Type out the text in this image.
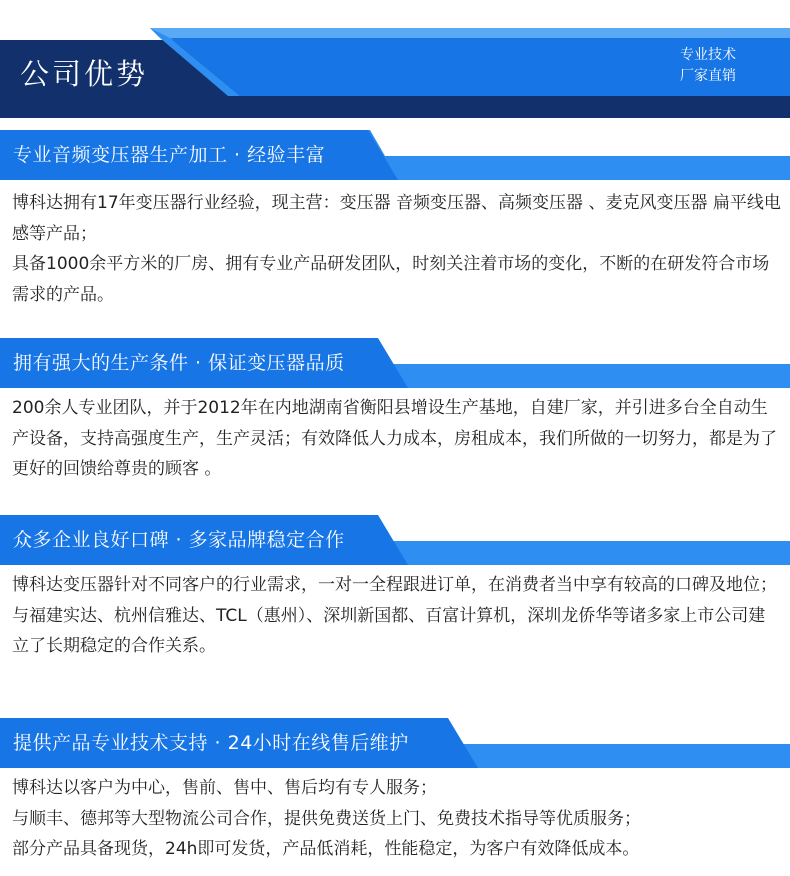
公司优势
专业技术
厂家直销
专业音频变压器生产加工 · 经验丰富

博科达拥有17年变压器行业经验，现主营：变压器 音频变压器、高频变压器 、麦克风变压器 扁平线电感等产品；

具备1000余平方米的厂房、拥有专业产品研发团队，时刻关注着市场的变化，不断的在研发符合市场需求的产品。

拥有强大的生产条件 · 保证变压器品质

200余人专业团队，并于2012年在内地湖南省衡阳县增设生产基地，自建厂家，并引进多台全自动生产设备，支持高强度生产，生产灵活；有效降低人力成本，房租成本，我们所做的一切努力，都是为了更好的回馈给尊贵的顾客 。

众多企业良好口碑 · 多家品牌稳定合作

博科达变压器针对不同客户的行业需求，一对一全程跟进订单，在消费者当中享有较高的口碑及地位；

与福建实达、杭州信雅达、TCL（惠州）、深圳新国都、百富计算机，深圳龙侨华等诸多家上市公司建立了长期稳定的合作关系。

提供产品专业技术支持 · 24小时在线售后维护

博科达以客户为中心，售前、售中、售后均有专人服务；

与顺丰、德邦等大型物流公司合作，提供免费送货上门、免费技术指导等优质服务；

部分产品具备现货，24h即可发货，产品低消耗，性能稳定，为客户有效降低成本。
